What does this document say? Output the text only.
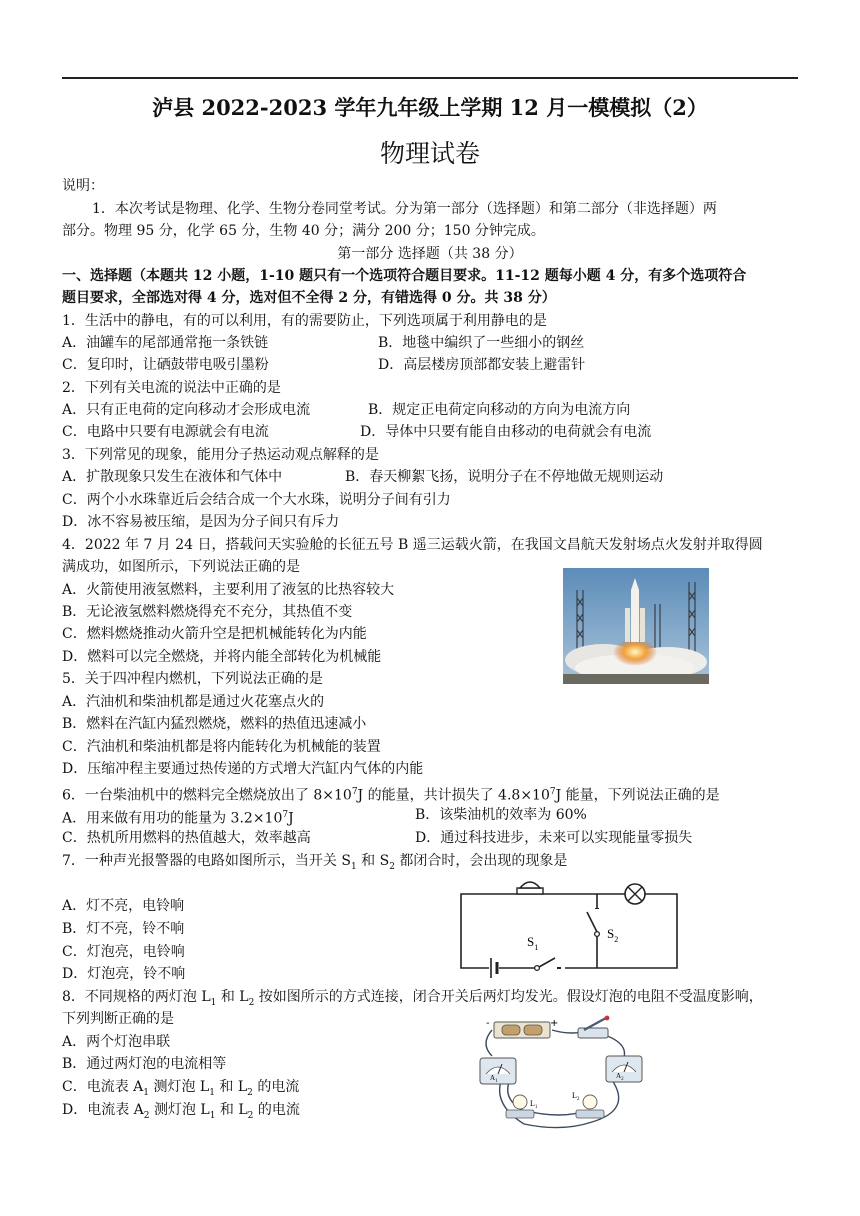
泸县 2022-2023 学年九年级上学期 12 月一模模拟（2）
物理试卷
说明：
1．本次考试是物理、化学、生物分卷同堂考试。分为第一部分（选择题）和第二部分（非选择题）两
部分。物理 95 分，化学 65 分，生物 40 分；满分 200 分；150 分钟完成。
第一部分 选择题（共 38 分）
一、选择题（本题共 12 小题，1-10 题只有一个选项符合题目要求。11-12 题每小题 4 分，有多个选项符合
题目要求，全部选对得 4 分，选对但不全得 2 分，有错选得 0 分。共 38 分）
1．生活中的静电，有的可以利用，有的需要防止，下列选项属于利用静电的是
A．油罐车的尾部通常拖一条铁链	B．地毯中编织了一些细小的钢丝
C．复印时，让硒鼓带电吸引墨粉	D．高层楼房顶部都安装上避雷针
2．下列有关电流的说法中正确的是
A．只有正电荷的定向移动才会形成电流	B．规定正电荷定向移动的方向为电流方向
C．电路中只要有电源就会有电流	D．导体中只要有能自由移动的电荷就会有电流
3．下列常见的现象，能用分子热运动观点解释的是
A．扩散现象只发生在液体和气体中	B．春天柳絮飞扬，说明分子在不停地做无规则运动
C．两个小水珠靠近后会结合成一个大水珠，说明分子间有引力
D．冰不容易被压缩，是因为分子间只有斥力
4．2022 年 7 月 24 日，搭载问天实验舱的长征五号 B 遥三运载火箭，在我国文昌航天发射场点火发射并取得圆
满成功，如图所示，下列说法正确的是
A．火箭使用液氢燃料，主要利用了液氢的比热容较大
B．无论液氢燃料燃烧得充不充分，其热值不变
C．燃料燃烧推动火箭升空是把机械能转化为内能
D．燃料可以完全燃烧，并将内能全部转化为机械能
5．关于四冲程内燃机，下列说法正确的是
A．汽油机和柴油机都是通过火花塞点火的
B．燃料在汽缸内猛烈燃烧，燃料的热值迅速减小
C．汽油机和柴油机都是将内能转化为机械能的装置
D．压缩冲程主要通过热传递的方式增大汽缸内气体的内能
6．一台柴油机中的燃料完全燃烧放出了 $8\times 10^7J$ 的能量，共计损失了 $4.8\times 10^7J$ 能量，下列说法正确的是
A．用来做有用功的能量为 $3.2\times 10^7J$	B．该柴油机的效率为 60%
C．热机所用燃料的热值越大，效率越高	D．通过科技进步，未来可以实现能量零损失
7．一种声光报警器的电路如图所示，当开关 $S_1$ 和 $S_2$ 都闭合时，会出现的现象是
A．灯不亮，电铃响
B．灯不亮，铃不响
C．灯泡亮，电铃响
D．灯泡亮，铃不响
$S_2$
$S_1$
8．不同规格的两灯泡 $L_1$ 和 $L_2$ 按如图所示的方式连接，闭合开关后两灯均发光。假设灯泡的电阻不受温度影响，
下列判断正确的是
A．两个灯泡串联
B．通过两灯泡的电流相等
C．电流表 $A_1$ 测灯泡 $L_1$ 和 $L_2$ 的电流
D．电流表 $A_2$ 测灯泡 $L_1$ 和 $L_2$ 的电流
-	+
$A_1$
$A_2$
$L_1$
$L_2$
